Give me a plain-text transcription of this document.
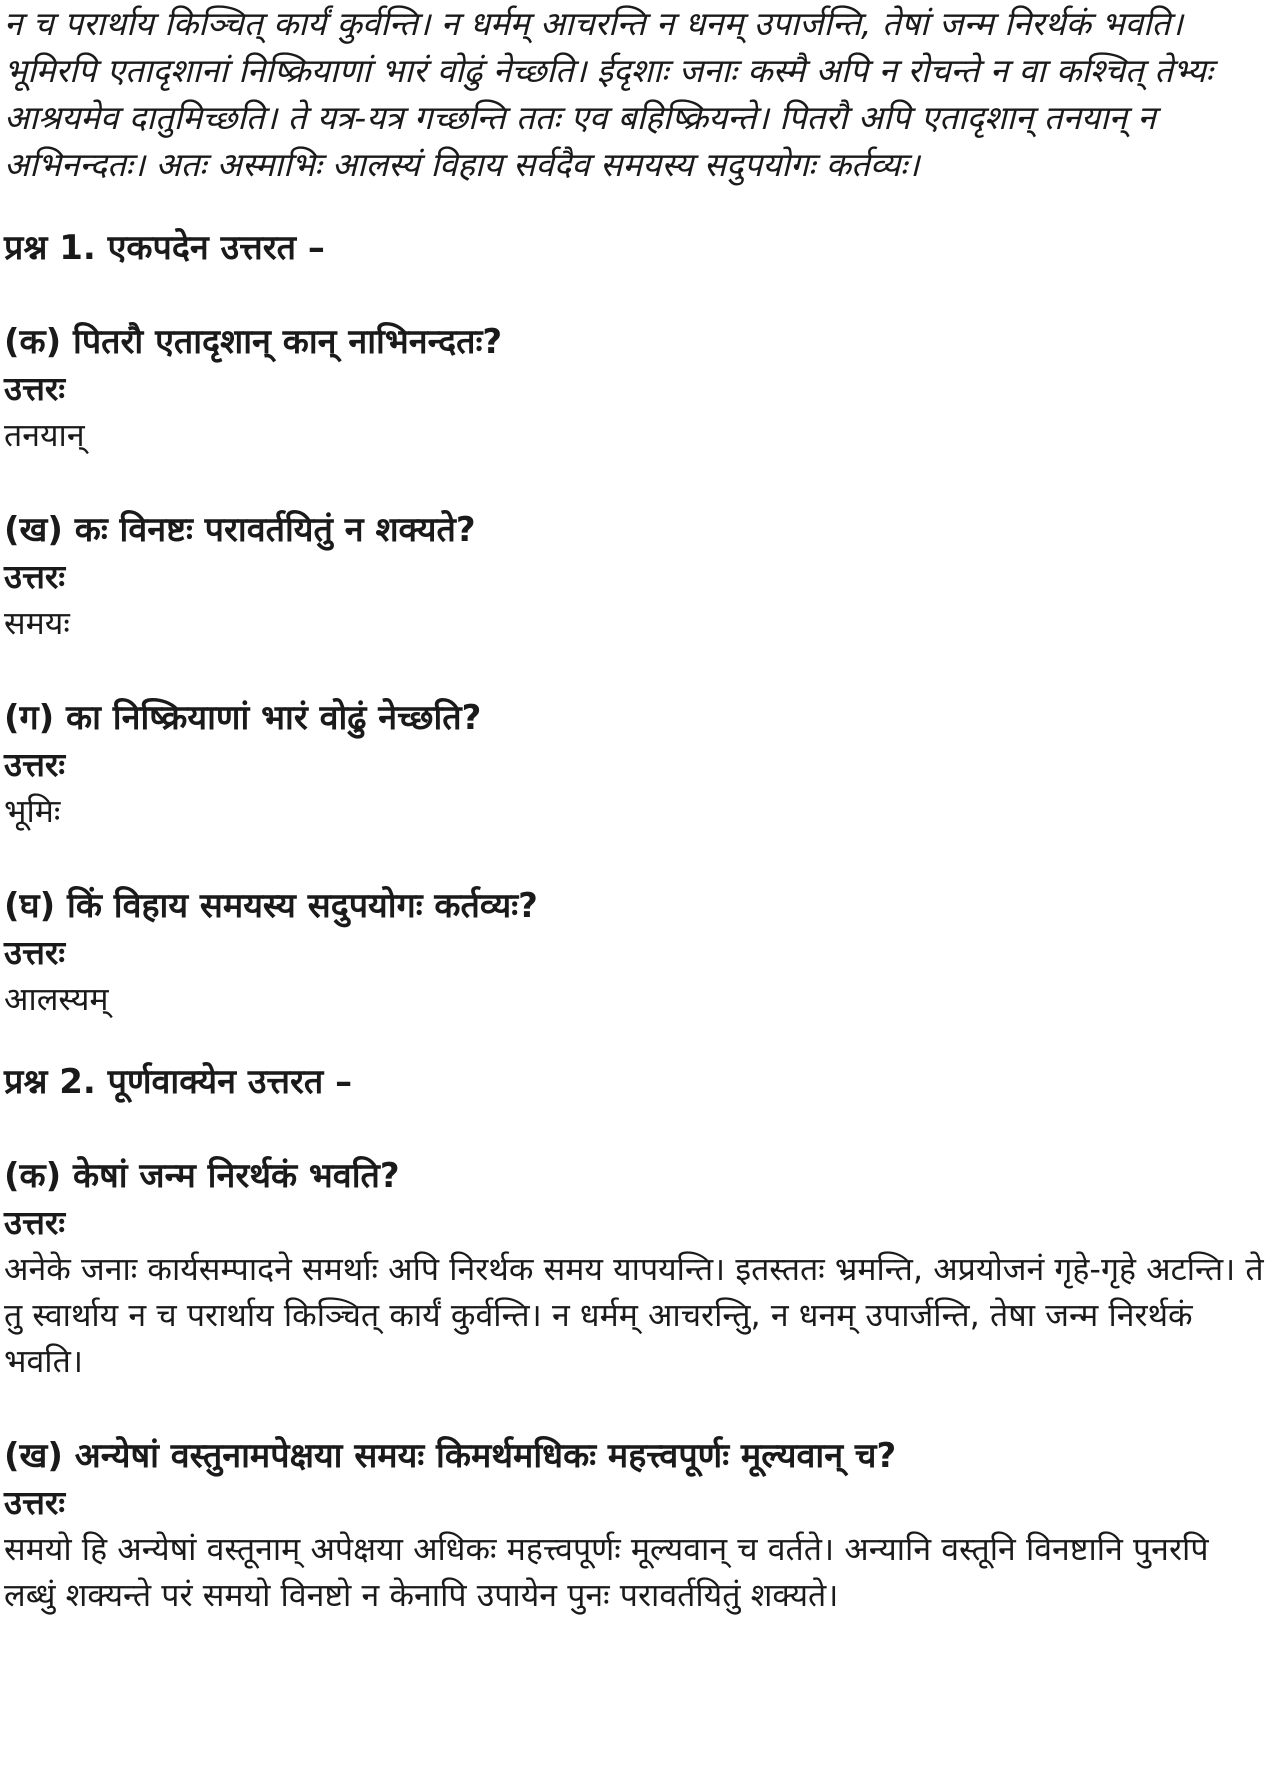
न च परार्थाय किञ्चित् कार्यं कुर्वन्ति। न धर्मम् आचरन्ति न धनम् उपार्जन्ति, तेषां जन्म निरर्थकं भवति। भूमिरपि एतादृशानां निष्क्रियाणां भारं वोढुं नेच्छति। ईदृशाः जनाः कस्मै अपि न रोचन्ते न वा कश्चित् तेभ्यः आश्रयमेव दातुमिच्छति। ते यत्र-यत्र गच्छन्ति ततः एव बहिष्क्रियन्ते। पितरौ अपि एतादृशान् तनयान् न अभिनन्दतः। अतः अस्माभिः आलस्यं विहाय सर्वदैव समयस्य सदुपयोगः कर्तव्यः।

प्रश्न 1. एकपदेन उत्तरत –

(क) पितरौ एतादृशान् कान् नाभिनन्दतः?

उत्तरः

तनयान्

(ख) कः विनष्टः परावर्तयितुं न शक्यते?

उत्तरः

समयः

(ग) का निष्क्रियाणां भारं वोढुं नेच्छति?

उत्तरः

भूमिः

(घ) किं विहाय समयस्य सदुपयोगः कर्तव्यः?

उत्तरः

आलस्यम्

प्रश्न 2. पूर्णवाक्येन उत्तरत –

(क) केषां जन्म निरर्थकं भवति?

उत्तरः

अनेके जनाः कार्यसम्पादने समर्थाः अपि निरर्थक समय यापयन्ति। इतस्ततः भ्रमन्ति, अप्रयोजनं गृहे-गृहे अटन्ति। ते तु स्वार्थाय न च परार्थाय किञ्चित् कार्यं कुर्वन्ति। न धर्मम् आचरन्तुि, न धनम् उपार्जन्ति, तेषा जन्म निरर्थकं भवति।

(ख) अन्येषां वस्तुनामपेक्षया समयः किमर्थमधिकः महत्त्वपूर्णः मूल्यवान् च?

उत्तरः

समयो हि अन्येषां वस्तूनाम् अपेक्षया अधिकः महत्त्वपूर्णः मूल्यवान् च वर्तते। अन्यानि वस्तूनि विनष्टानि पुनरपि लब्धुं शक्यन्ते परं समयो विनष्टो न केनापि उपायेन पुनः परावर्तयितुं शक्यते।
